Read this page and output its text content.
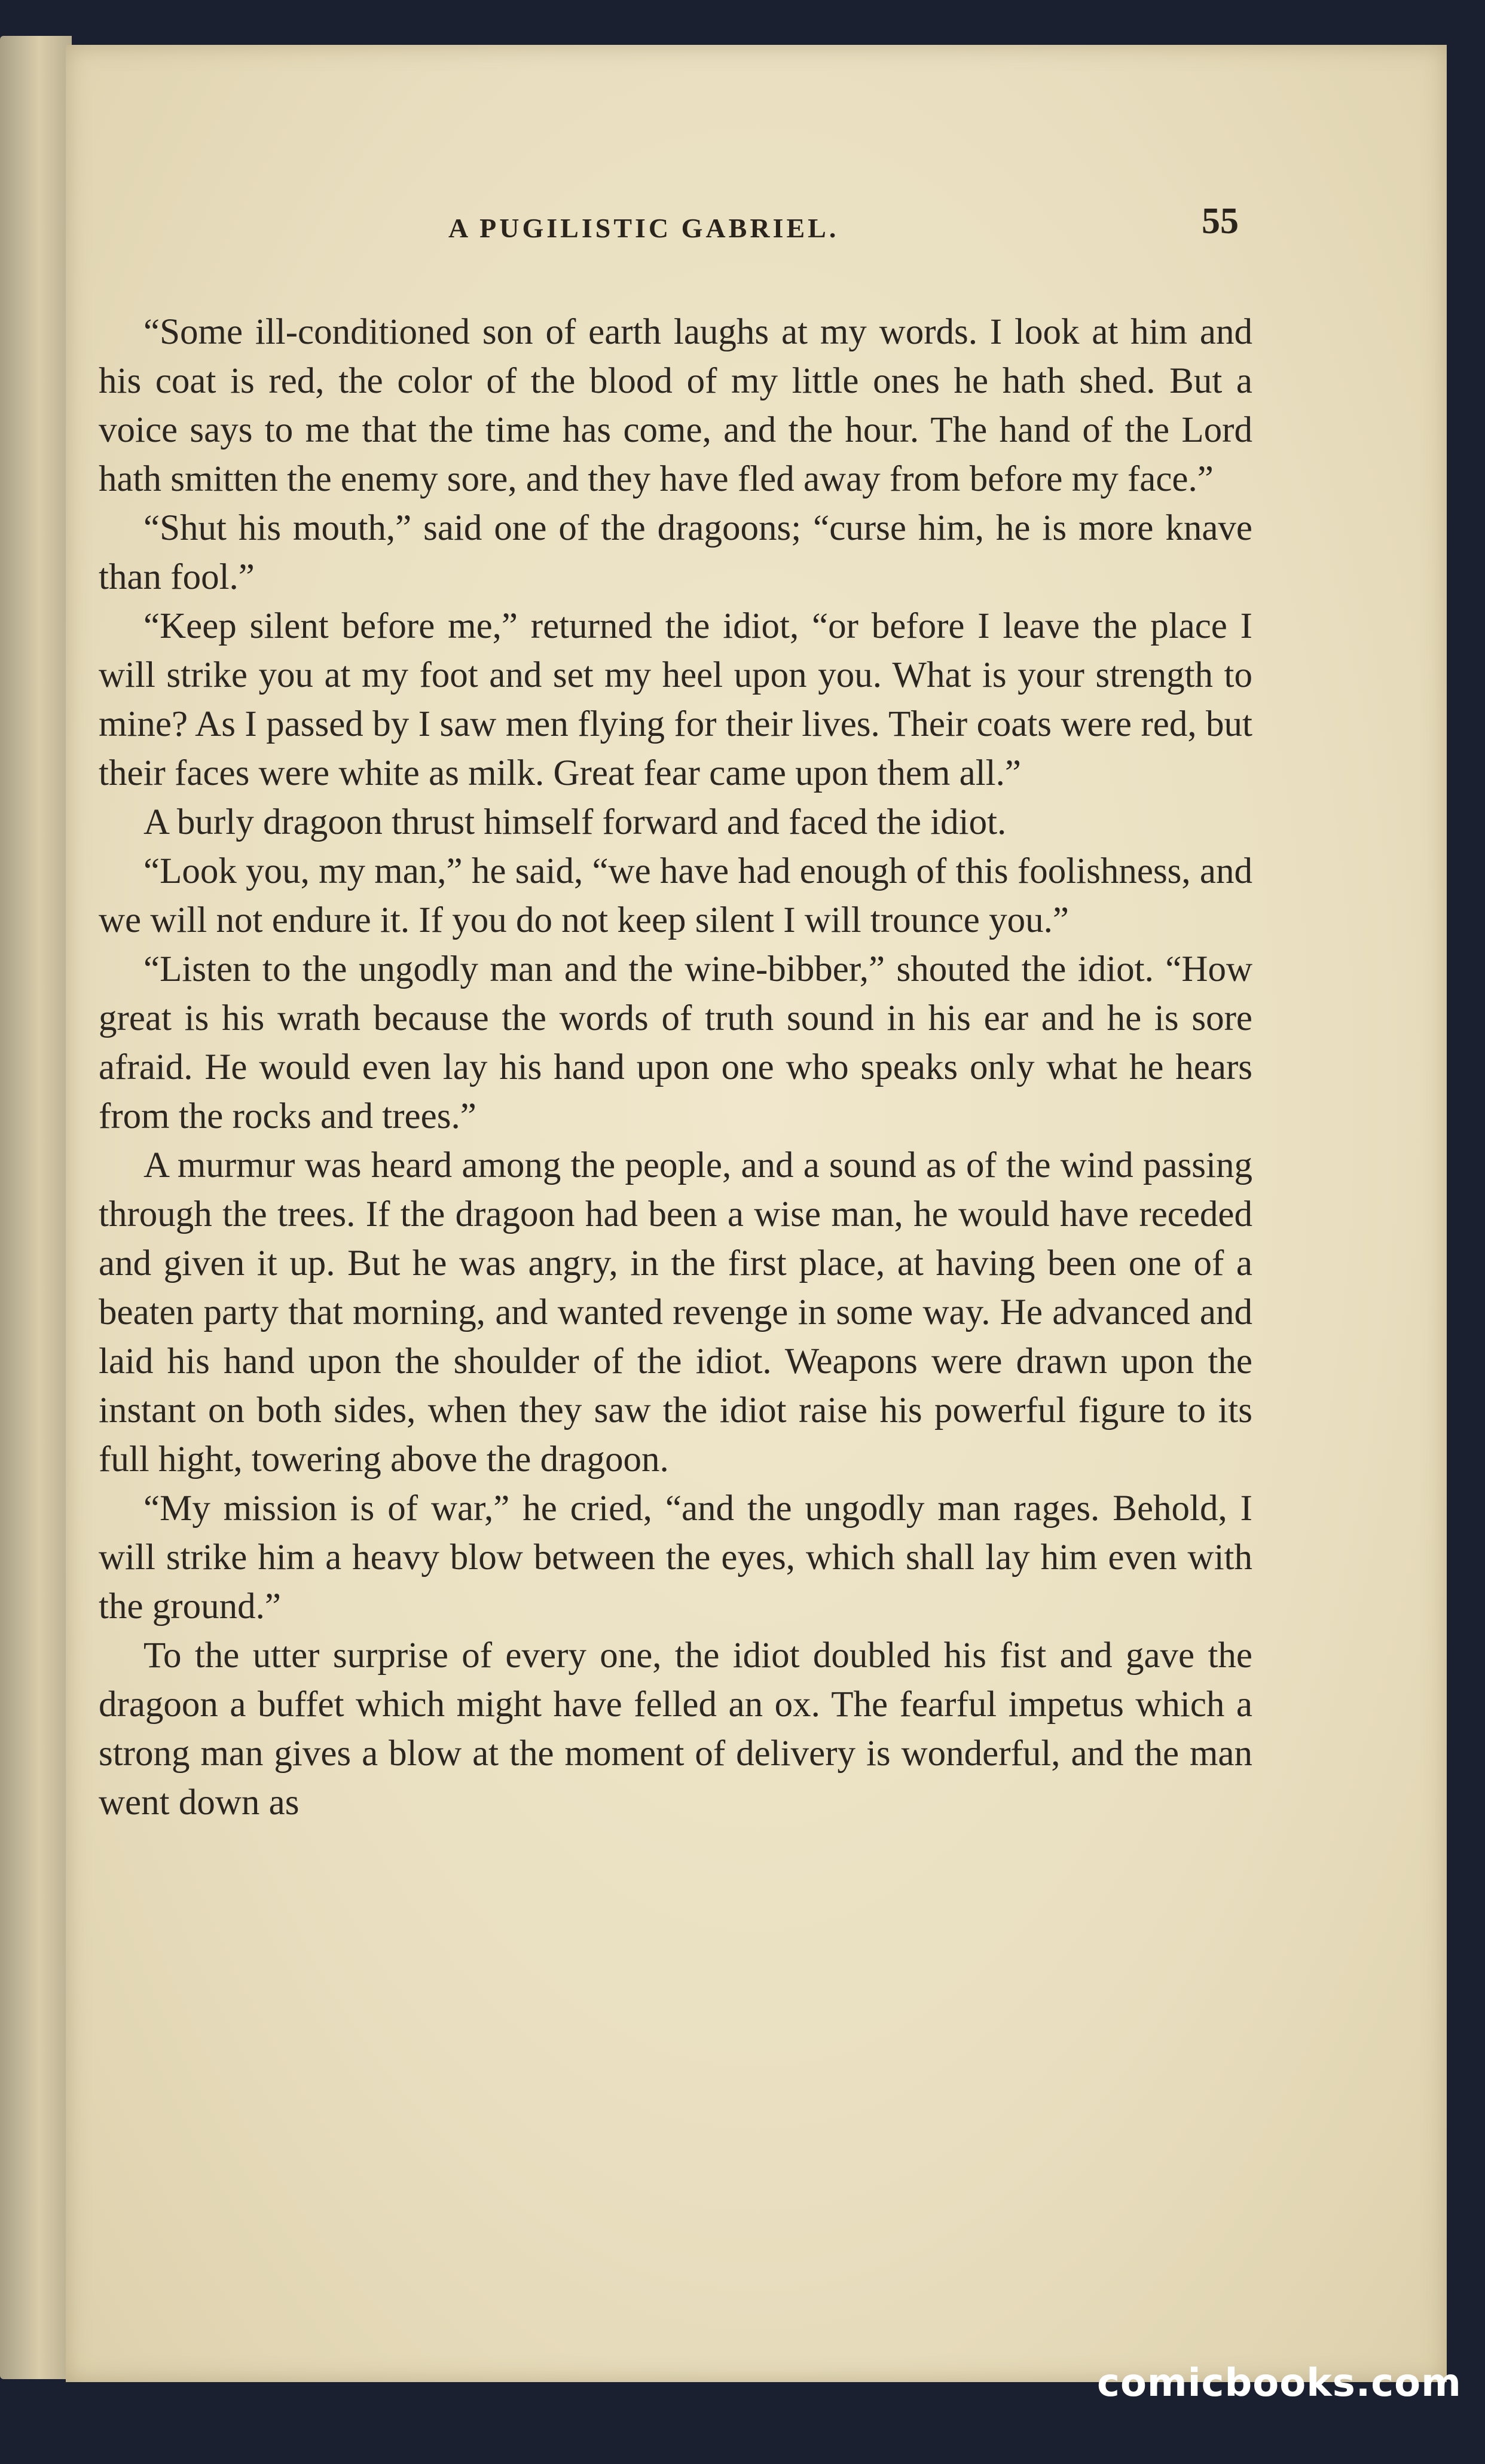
A PUGILISTIC GABRIEL.	55

“Some ill-conditioned son of earth laughs at my words. I look at him and his coat is red, the color of the blood of my little ones he hath shed. But a voice says to me that the time has come, and the hour. The hand of the Lord hath smitten the enemy sore, and they have fled away from before my face.”

“Shut his mouth,” said one of the dragoons; “curse him, he is more knave than fool.”

“Keep silent before me,” returned the idiot, “or before I leave the place I will strike you at my foot and set my heel upon you. What is your strength to mine? As I passed by I saw men flying for their lives. Their coats were red, but their faces were white as milk. Great fear came upon them all.”

A burly dragoon thrust himself forward and faced the idiot.

“Look you, my man,” he said, “we have had enough of this foolishness, and we will not endure it. If you do not keep silent I will trounce you.”

“Listen to the ungodly man and the wine-bibber,” shouted the idiot. “How great is his wrath because the words of truth sound in his ear and he is sore afraid. He would even lay his hand upon one who speaks only what he hears from the rocks and trees.”

A murmur was heard among the people, and a sound as of the wind passing through the trees. If the dragoon had been a wise man, he would have receded and given it up. But he was angry, in the first place, at having been one of a beaten party that morning, and wanted revenge in some way. He advanced and laid his hand upon the shoulder of the idiot. Weapons were drawn upon the instant on both sides, when they saw the idiot raise his powerful figure to its full hight, towering above the dragoon.

“My mission is of war,” he cried, “and the ungodly man rages. Behold, I will strike him a heavy blow between the eyes, which shall lay him even with the ground.”

To the utter surprise of every one, the idiot doubled his fist and gave the dragoon a buffet which might have felled an ox. The fearful impetus which a strong man gives a blow at the moment of delivery is wonderful, and the man went down as

comicbooks.com
